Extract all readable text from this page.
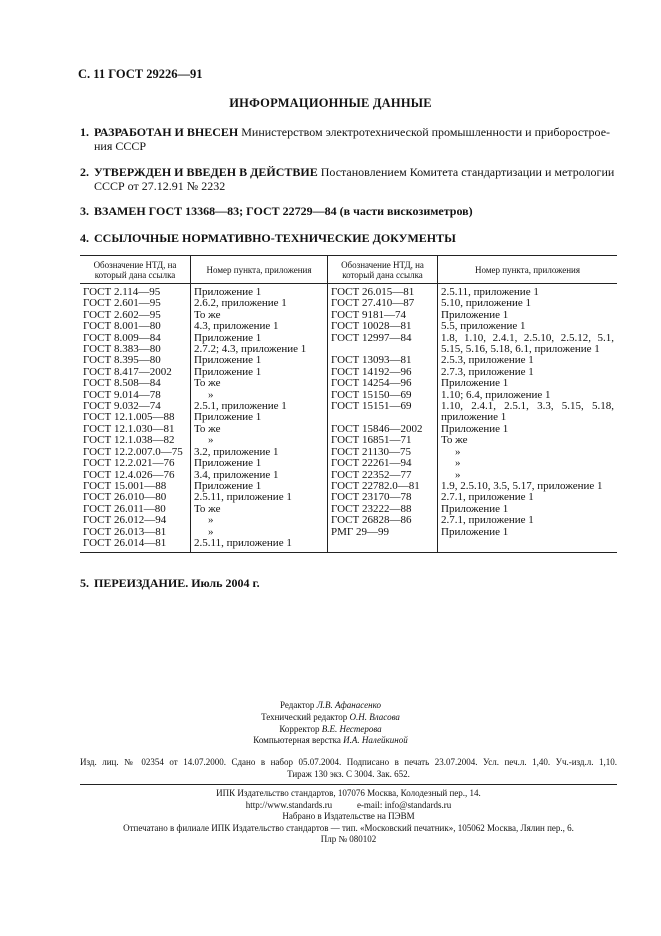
С. 11 ГОСТ 29226—91
ИНФОРМАЦИОННЫЕ ДАННЫЕ
1. РАЗРАБОТАН И ВНЕСЕН Министерством электротехнической промышленности и приборострое-
ния СССР
2. УТВЕРЖДЕН И ВВЕДЕН В ДЕЙСТВИЕ Постановлением Комитета стандартизации и метрологии
СССР от 27.12.91 № 2232
3. ВЗАМЕН ГОСТ 13368—83; ГОСТ 22729—84 (в части вискозиметров)
4. ССЫЛОЧНЫЕ НОРМАТИВНО-ТЕХНИЧЕСКИЕ ДОКУМЕНТЫ
Обозначение НТД, на который дана ссылка	Номер пункта, приложения	Обозначение НТД, на который дана ссылка	Номер пункта, приложения
ГОСТ 2.114—95	Приложение 1	ГОСТ 26.015—81	2.5.11, приложение 1
ГОСТ 2.601—95	2.6.2, приложение 1	ГОСТ 27.410—87	5.10, приложение 1
ГОСТ 2.602—95	То же	ГОСТ 9181—74	Приложение 1
ГОСТ 8.001—80	4.3, приложение 1	ГОСТ 10028—81	5.5, приложение 1
ГОСТ 8.009—84	Приложение 1	ГОСТ 12997—84	1.8, 1.10, 2.4.1, 2.5.10, 2.5.12, 5.1,

ГОСТ 8.383—80	2.7.2; 4.3, приложение 1		5.15, 5.16, 5.18, 6.1, приложение 1
ГОСТ 8.395—80	Приложение 1	ГОСТ 13093—81	2.5.3, приложение 1
ГОСТ 8.417—2002	Приложение 1	ГОСТ 14192—96	2.7.3, приложение 1
ГОСТ 8.508—84	То же	ГОСТ 14254—96	Приложение 1
ГОСТ 9.014—78	»	ГОСТ 15150—69	1.10; 6.4, приложение 1
ГОСТ 9.032—74	2.5.1, приложение 1	ГОСТ 15151—69	1.10, 2.4.1, 2.5.1, 3.3, 5.15, 5.18,

ГОСТ 12.1.005—88	Приложение 1		приложение 1
ГОСТ 12.1.030—81	То же	ГОСТ 15846—2002	Приложение 1
ГОСТ 12.1.038—82	»	ГОСТ 16851—71	То же
ГОСТ 12.2.007.0—75	3.2, приложение 1	ГОСТ 21130—75	»
ГОСТ 12.2.021—76	Приложение 1	ГОСТ 22261—94	»
ГОСТ 12.4.026—76	3.4, приложение 1	ГОСТ 22352—77	»
ГОСТ 15.001—88	Приложение 1	ГОСТ 22782.0—81	1.9, 2.5.10, 3.5, 5.17, приложение 1
ГОСТ 26.010—80	2.5.11, приложение 1	ГОСТ 23170—78	2.7.1, приложение 1
ГОСТ 26.011—80	То же	ГОСТ 23222—88	Приложение 1
ГОСТ 26.012—94	»	ГОСТ 26828—86	2.7.1, приложение 1
ГОСТ 26.013—81	»	РМГ 29—99	Приложение 1
ГОСТ 26.014—81	2.5.11, приложение 1		
5. ПЕРЕИЗДАНИЕ. Июль 2004 г.
Редактор Л.В. Афанасенко
Технический редактор О.Н. Власова
Корректор В.Е. Нестерова
Компьютерная верстка И.А. Налейкиной
Изд. лиц. № 02354 от 14.07.2000. Сдано в набор 05.07.2004. Подписано в печать 23.07.2004. Усл. печ.л. 1,40. Уч.-изд.л. 1,10.
Тираж 130 экз. С 3004. Зак. 652.
ИПК Издательство стандартов, 107076 Москва, Колодезный пер., 14.
http://www.standards.ru	e-mail: info@standards.ru
Набрано в Издательстве на ПЭВМ
Отпечатано в филиале ИПК Издательство стандартов — тип. «Московский печатник», 105062 Москва, Лялин пер., 6.
Плр № 080102
